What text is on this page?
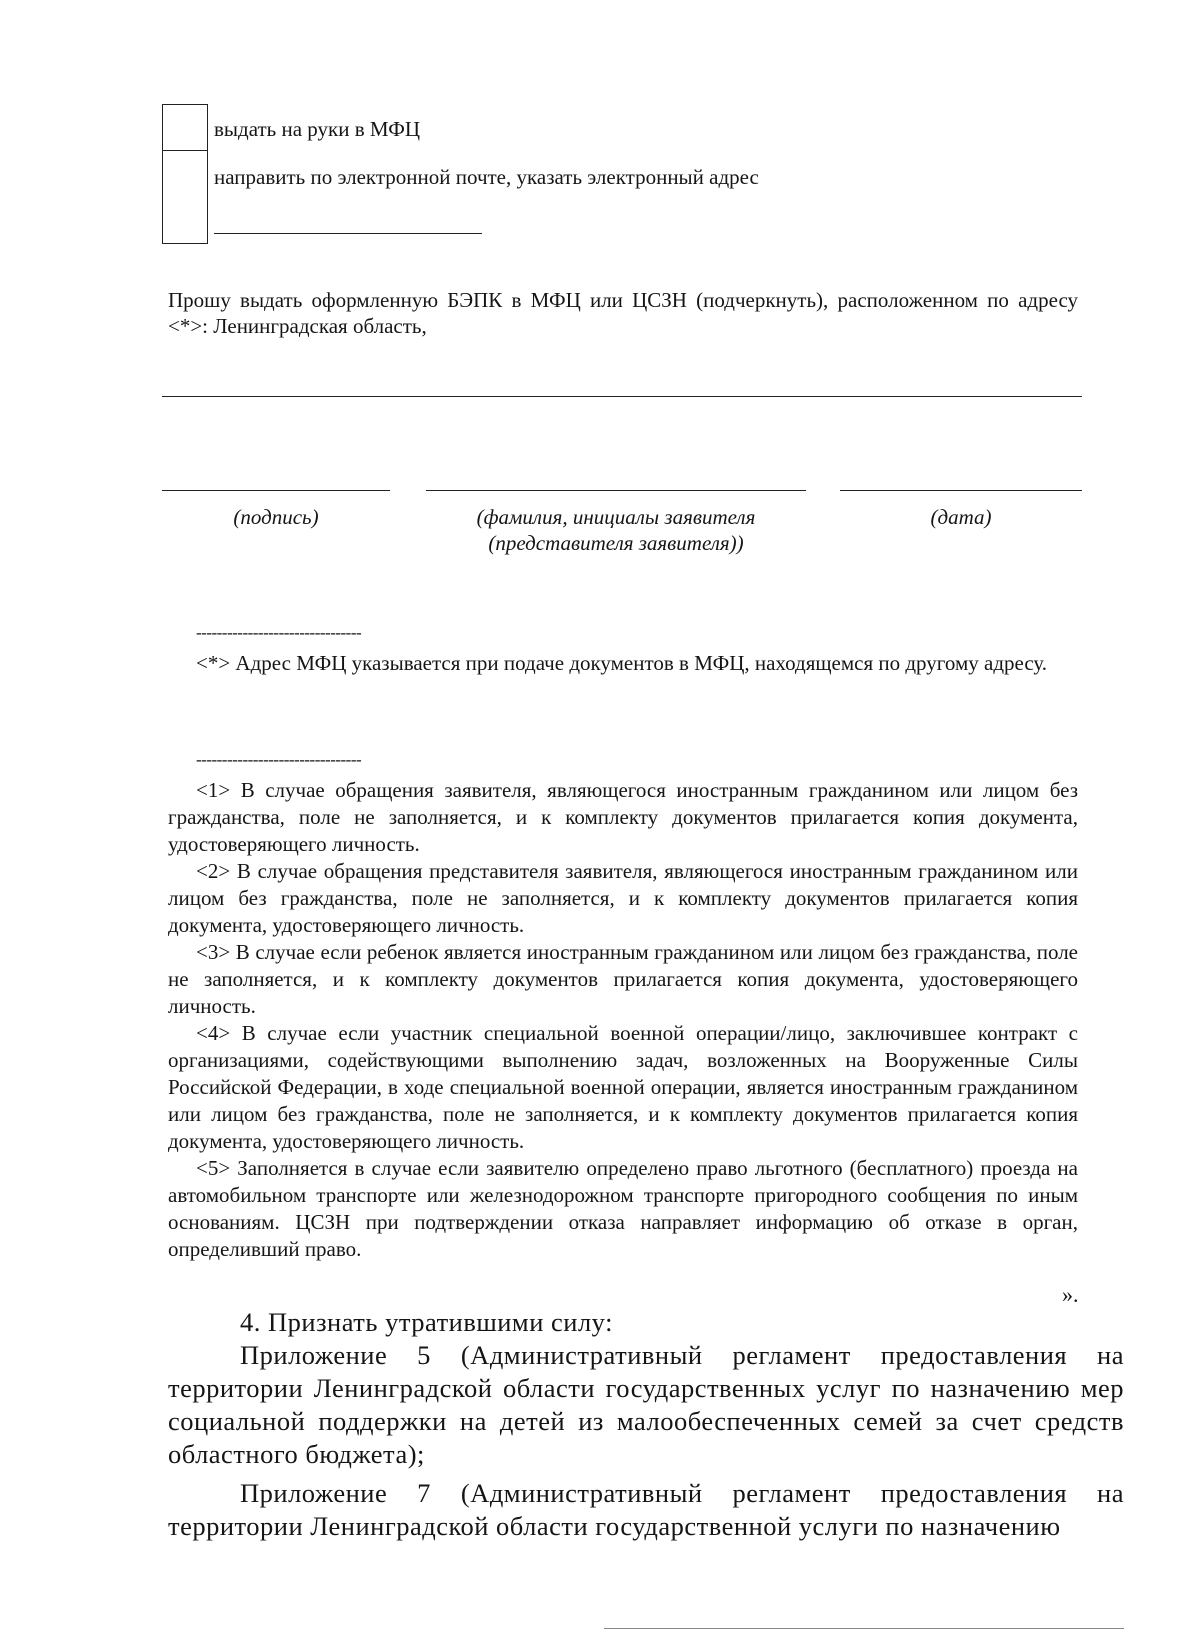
выдать на руки в МФЦ
направить по электронной почте, указать электронный адрес
Прошу выдать оформленную БЭПК в МФЦ или ЦСЗН (подчеркнуть), расположенном по адресу <*>: Ленинградская область,
(подпись)	(фамилия, инициалы заявителя
(представителя заявителя))
(дата)
--------------------------------
<*> Адрес МФЦ указывается при подаче документов в МФЦ, находящемся по другому адресу.
--------------------------------

<1> В случае обращения заявителя, являющегося иностранным гражданином или лицом без гражданства, поле не заполняется, и к комплекту документов прилагается копия документа, удостоверяющего личность.

<2> В случае обращения представителя заявителя, являющегося иностранным гражданином или лицом без гражданства, поле не заполняется, и к комплекту документов прилагается копия документа, удостоверяющего личность.

<3> В случае если ребенок является иностранным гражданином или лицом без гражданства, поле не заполняется, и к комплекту документов прилагается копия документа, удостоверяющего личность.

<4> В случае если участник специальной военной операции/лицо, заключившее контракт с организациями, содействующими выполнению задач, возложенных на Вооруженные Силы Российской Федерации, в ходе специальной военной операции, является иностранным гражданином или лицом без гражданства, поле не заполняется, и к комплекту документов прилагается копия документа, удостоверяющего личность.

<5> Заполняется в случае если заявителю определено право льготного (бесплатного) проезда на автомобильном транспорте или железнодорожном транспорте пригородного сообщения по иным основаниям. ЦСЗН при подтверждении отказа направляет информацию об отказе в орган, определивший право.

».

4. Признать утратившими силу:

Приложение 5 (Административный регламент предоставления на территории Ленинградской области государственных услуг по назначению мер социальной поддержки на детей из малообеспеченных семей за счет средств областного бюджета);

Приложение 7 (Административный регламент предоставления на территории Ленинградской области государственной услуги по назначению
